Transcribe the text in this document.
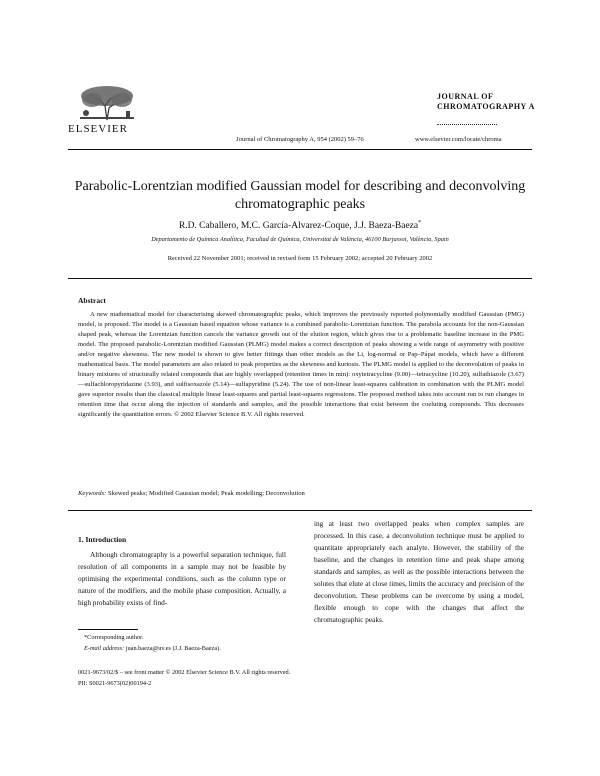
ELSEVIER
Journal of Chromatography A, 954 (2002) 59–76
JOURNAL OF
CHROMATOGRAPHY A
www.elsevier.com/locate/chroma
Parabolic-Lorentzian modified Gaussian model for describing and deconvolving chromatographic peaks
R.D. Caballero, M.C. García-Alvarez-Coque, J.J. Baeza-Baeza*
Departamento de Química Analítica, Facultad de Química, Universitat de València, 46100 Burjassot, València, Spain
Received 22 November 2001; received in revised form 15 February 2002; accepted 20 February 2002
Abstract
A new mathematical model for characterising skewed chromatographic peaks, which improves the previously reported polynomially modified Gaussian (PMG) model, is proposed. The model is a Gaussian based equation whose variance is a combined parabolic-Lorentzian function. The parabola accounts for the non-Gaussian shaped peak, whereas the Lorentzian function cancels the variance growth out of the elution region, which gives rise to a problematic baseline increase in the PMG model. The proposed parabolic-Lorentzian modified Gaussian (PLMG) model makes a correct description of peaks showing a wide range of asymmetry with positive and/or negative skewness. The new model is shown to give better fittings than other models as the Li, log-normal or Pap–Pápai models, which have a different mathematical basis. The model parameters are also related to peak properties as the skewness and kurtosis. The PLMG model is applied to the deconvolution of peaks in binary mixtures of structurally related compounds that are highly overlapped (retention times in min): oxytetracycline (9.00)—tetracycline (10.20), sulfathiazole (3.67)—sulfachloropyridazine (3.93), and sulfisoxazole (5.14)—sulfapyridine (5.24). The use of non-linear least-squares calibration in combination with the PLMG model gave superior results than the classical multiple linear least-squares and partial least-squares regressions. The proposed method takes into account run to run changes in retention time that occur along the injection of standards and samples, and the possible interactions that exist between the coeluting compounds. This decreases significantly the quantitation errors. © 2002 Elsevier Science B.V. All rights reserved.
Keywords: Skewed peaks; Modified Gaussian model; Peak modelling; Deconvolution
1. Introduction
Although chromatography is a powerful separation technique, full resolution of all components in a sample may not be feasible by optimising the experimental conditions, such as the column type or nature of the modifiers, and the mobile phase composition. Actually, a high probability exists of find-
ing at least two overlapped peaks when complex samples are processed. In this case, a deconvolution technique must be applied to quantitate appropriately each analyte. However, the stability of the baseline, and the changes in retention time and peak shape among standards and samples, as well as the possible interactions between the solutes that elute at close times, limits the accuracy and precision of the deconvolution. These problems can be overcome by using a model, flexible enough to cope with the changes that affect the chromatographic peaks.
*Corresponding author.
E-mail address: juan.baeza@uv.es (J.J. Baeza-Baeza).
0021-9673/02/$ – see front matter © 2002 Elsevier Science B.V. All rights reserved.
PII: S0021-9673(02)00194-2
